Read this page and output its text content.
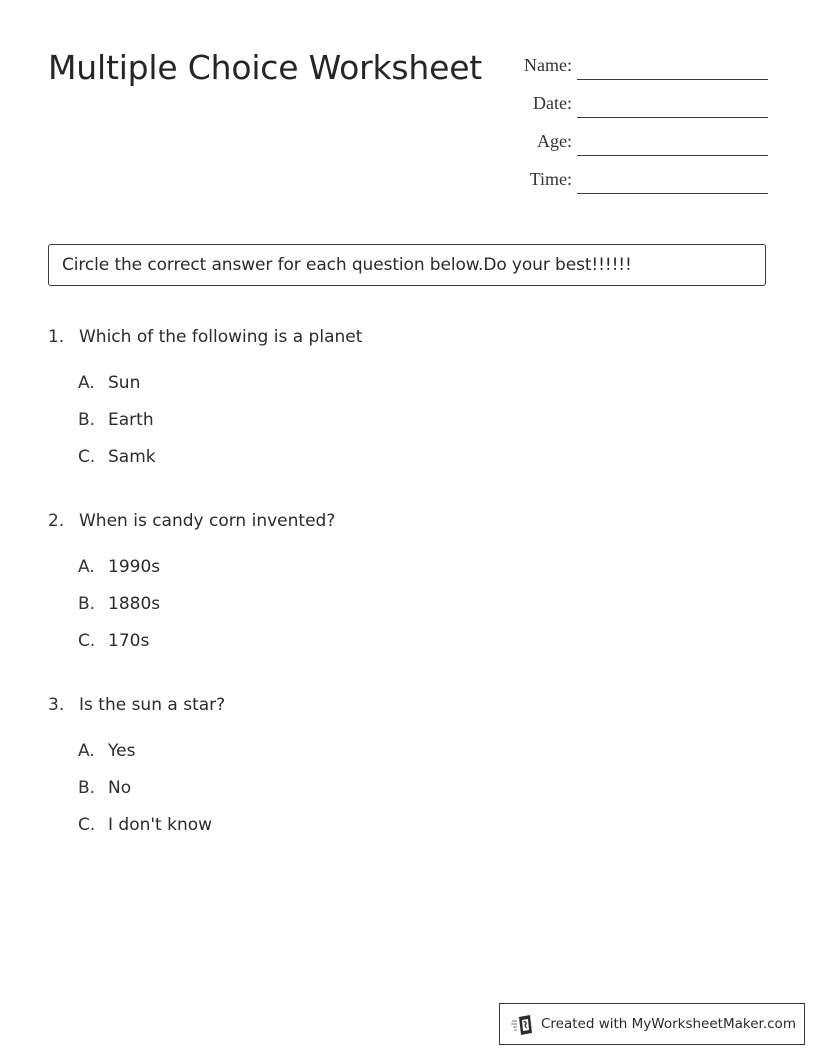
Multiple Choice Worksheet Name:
Date:
Age:
Time:
Circle the correct answer for each question below.Do your best!!!!!!
1. Which of the following is a planet
A. Sun
B. Earth
C. Samk
2. When is candy corn invented?
A. 1990s
B. 1880s
C. 170s
3. Is the sun a star?
A. Yes
B. No
C. I don't know
Created with MyWorksheetMaker.com
